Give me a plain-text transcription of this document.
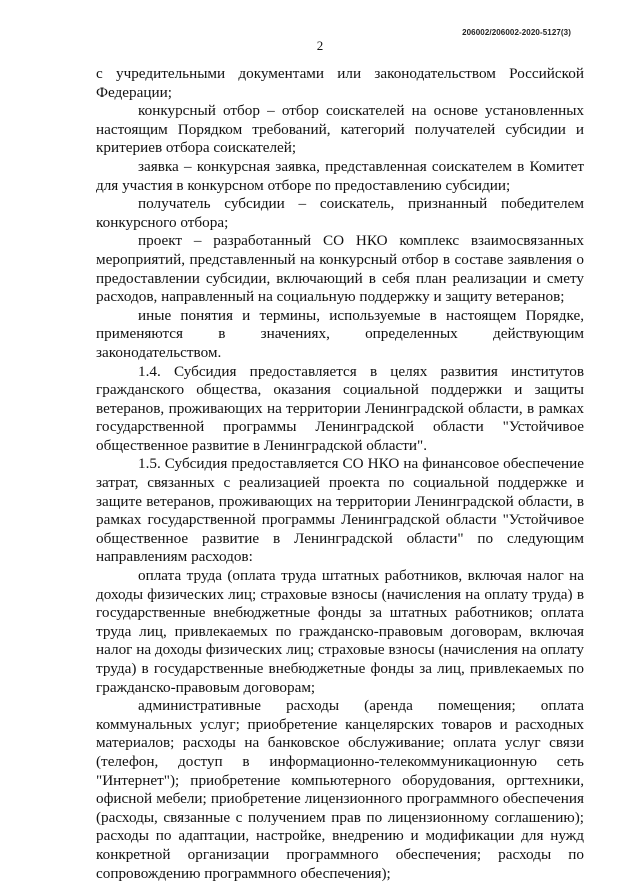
206002/206002-2020-5127(3)
2

с учредительными документами или законодательством Российской Федерации;

конкурсный отбор – отбор соискателей на основе установленных настоящим Порядком требований, категорий получателей субсидии и критериев отбора соискателей;

заявка – конкурсная заявка, представленная соискателем в Комитет для участия в конкурсном отборе по предоставлению субсидии;

получатель субсидии – соискатель, признанный победителем конкурсного отбора;

проект – разработанный СО НКО комплекс взаимосвязанных мероприятий, представленный на конкурсный отбор в составе заявления о предоставлении субсидии, включающий в себя план реализации и смету расходов, направленный на социальную поддержку и защиту ветеранов;

иные понятия и термины, используемые в настоящем Порядке, применяются в значениях, определенных действующим законодательством.

1.4. Субсидия предоставляется в целях развития институтов гражданского общества, оказания социальной поддержки и защиты ветеранов, проживающих на территории Ленинградской области, в рамках государственной программы Ленинградской области "Устойчивое общественное развитие в Ленинградской области".

1.5. Субсидия предоставляется СО НКО на финансовое обеспечение затрат, связанных с реализацией проекта по социальной поддержке и защите ветеранов, проживающих на территории Ленинградской области, в рамках государственной программы Ленинградской области "Устойчивое общественное развитие в Ленинградской области" по следующим направлениям расходов:

оплата труда (оплата труда штатных работников, включая налог на доходы физических лиц; страховые взносы (начисления на оплату труда) в государственные внебюджетные фонды за штатных работников; оплата труда лиц, привлекаемых по гражданско-правовым договорам, включая налог на доходы физических лиц; страховые взносы (начисления на оплату труда) в государственные внебюджетные фонды за лиц, привлекаемых по гражданско-правовым договорам;

административные расходы (аренда помещения; оплата коммунальных услуг; приобретение канцелярских товаров и расходных материалов; расходы на банковское обслуживание; оплата услуг связи (телефон, доступ в информационно-телекоммуникационную сеть "Интернет"); приобретение компьютерного оборудования, оргтехники, офисной мебели; приобретение лицензионного программного обеспечения (расходы, связанные с получением прав по лицензионному соглашению); расходы по адаптации, настройке, внедрению и модификации для нужд конкретной организации программного обеспечения; расходы по сопровождению программного обеспечения);
